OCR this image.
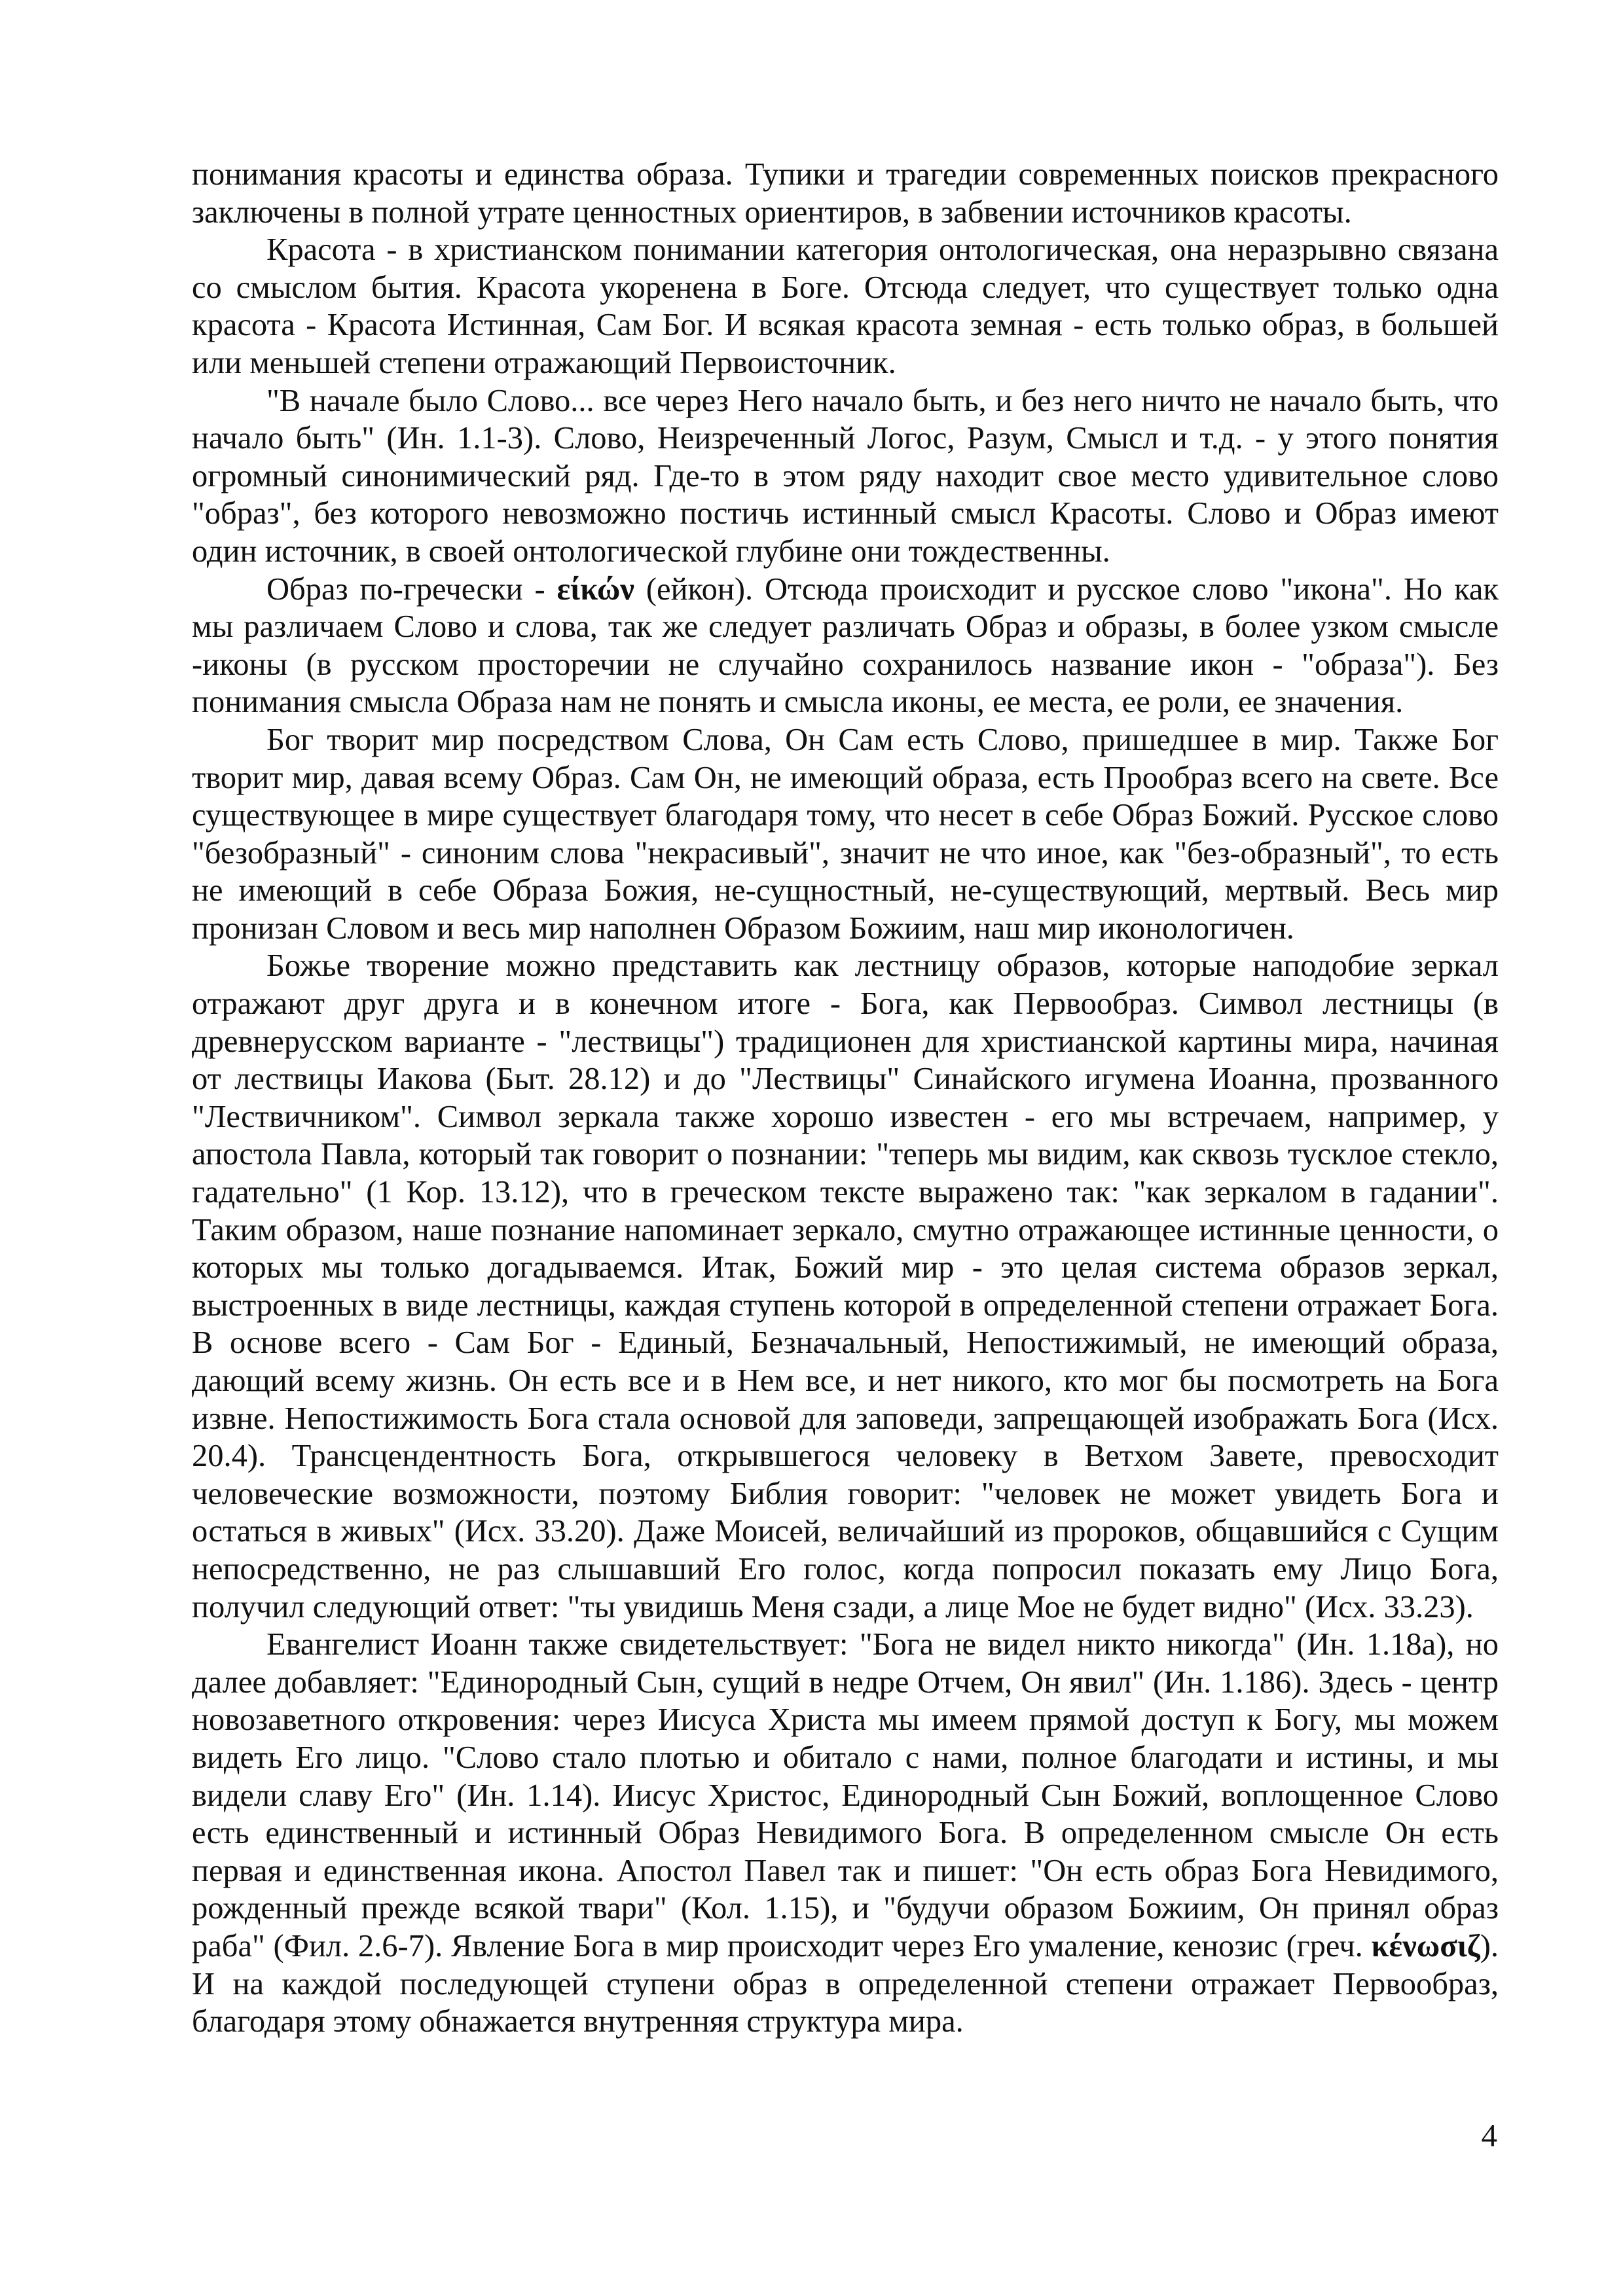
понимания красоты и единства образа. Тупики и трагедии современных поисков прекрасного заключены в полной утрате ценностных ориентиров, в забвении источников красоты.

Красота - в христианском понимании категория онтологическая, она неразрывно связана со смыслом бытия. Красота укоренена в Боге. Отсюда следует, что существует только одна красота - Красота Истинная, Сам Бог. И всякая красота земная - есть только образ, в большей или меньшей степени отражающий Первоисточник.

"В начале было Слово... все через Него начало быть, и без него ничто не начало быть, что начало быть" (Ин. 1.1-3). Слово, Неизреченный Логос, Разум, Смысл и т.д. - у этого понятия огромный синонимический ряд. Где-то в этом ряду находит свое место удивительное слово "образ", без которого невозможно постичь истинный смысл Красоты. Слово и Образ имеют один источник, в своей онтологической глубине они тождественны.

Образ по-гречески - είκών (ейкон). Отсюда происходит и русское слово "икона". Но как мы различаем Слово и слова, так же следует различать Образ и образы, в более узком смысле -иконы (в русском просторечии не случайно сохранилось название икон - "образа"). Без понимания смысла Образа нам не понять и смысла иконы, ее места, ее роли, ее значения.

Бог творит мир посредством Слова, Он Сам есть Слово, пришедшее в мир. Также Бог творит мир, давая всему Образ. Сам Он, не имеющий образа, есть Прообраз всего на свете. Все существующее в мире существует благодаря тому, что несет в себе Образ Божий. Русское слово "безобразный" - синоним слова "некрасивый", значит не что иное, как "без-образный", то есть не имеющий в себе Образа Божия, не-сущностный, не-существующий, мертвый. Весь мир пронизан Словом и весь мир наполнен Образом Божиим, наш мир иконологичен.

Божье творение можно представить как лестницу образов, которые наподобие зеркал отражают друг друга и в конечном итоге - Бога, как Первообраз. Символ лестницы (в древнерусском варианте - "лествицы") традиционен для христианской картины мира, начиная от лествицы Иакова (Быт. 28.12) и до "Лествицы" Синайского игумена Иоанна, прозванного "Лествичником". Символ зеркала также хорошо известен - его мы встречаем, например, у апостола Павла, который так говорит о познании: "теперь мы видим, как сквозь тусклое стекло, гадательно" (1 Кор. 13.12), что в греческом тексте выражено так: "как зеркалом в гадании". Таким образом, наше познание напоминает зеркало, смутно отражающее истинные ценности, о которых мы только догадываемся. Итак, Божий мир - это целая система образов зеркал, выстроенных в виде лестницы, каждая ступень которой в определенной степени отражает Бога. В основе всего - Сам Бог - Единый, Безначальный, Непостижимый, не имеющий образа, дающий всему жизнь. Он есть все и в Нем все, и нет никого, кто мог бы посмотреть на Бога извне. Непостижимость Бога стала основой для заповеди, запрещающей изображать Бога (Исх. 20.4). Трансцендентность Бога, открывшегося человеку в Ветхом Завете, превосходит человеческие возможности, поэтому Библия говорит: "человек не может увидеть Бога и остаться в живых" (Исх. 33.20). Даже Моисей, величайший из пророков, общавшийся с Сущим непосредственно, не раз слышавший Его голос, когда попросил показать ему Лицо Бога, получил следующий ответ: "ты увидишь Меня сзади, а лице Мое не будет видно" (Исх. 33.23).

Евангелист Иоанн также свидетельствует: "Бога не видел никто никогда" (Ин. 1.18а), но далее добавляет: "Единородный Сын, сущий в недре Отчем, Он явил" (Ин. 1.186). Здесь - центр новозаветного откровения: через Иисуса Христа мы имеем прямой доступ к Богу, мы можем видеть Его лицо. "Слово стало плотью и обитало с нами, полное благодати и истины, и мы видели славу Его" (Ин. 1.14). Иисус Христос, Единородный Сын Божий, воплощенное Слово есть единственный и истинный Образ Невидимого Бога. В определенном смысле Он есть первая и единственная икона. Апостол Павел так и пишет: "Он есть образ Бога Невидимого, рожденный прежде всякой твари" (Кол. 1.15), и "будучи образом Божиим, Он принял образ раба" (Фил. 2.6-7). Явление Бога в мир происходит через Его умаление, кенозис (греч. κένωσιζ). И на каждой последующей ступени образ в определенной степени отражает Первообраз, благодаря этому обнажается внутренняя структура мира.

4
